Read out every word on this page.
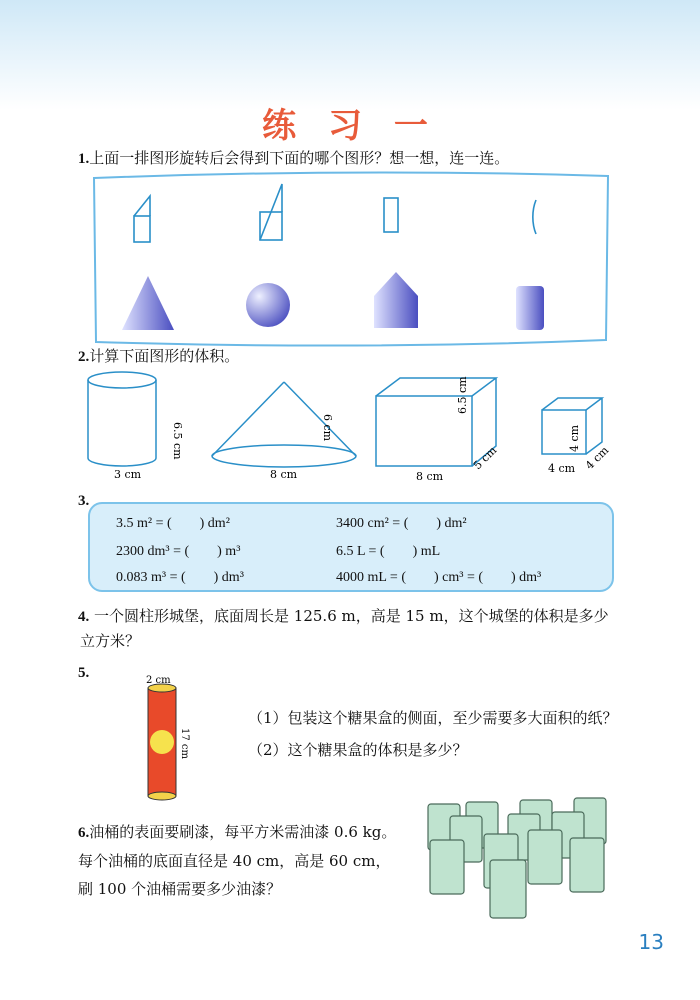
练 习 一
1.上面一排图形旋转后会得到下面的哪个图形？想一想，连一连。
2.计算下面图形的体积。
3 cm
6.5 cm
8 cm
6 cm
8 cm
5 cm
6.5 cm
4 cm 4 cm
4 cm
3.
3.5 m² = (　　) dm²
2300 dm³ = (　　) m³
0.083 m³ = (　　) dm³
3400 cm² = (　　) dm²
6.5 L = (　　) mL
4000 mL = (　　) cm³ = (　　) dm³
4. 一个圆柱形城堡，底面周长是 125.6 m，高是 15 m，这个城堡的体积是多少
立方米？
5.	2 cm
17 cm
（1）包装这个糖果盒的侧面，至少需要多大面积的纸？
（2）这个糖果盒的体积是多少？
6.油桶的表面要刷漆，每平方米需油漆 0.6 kg。
每个油桶的底面直径是 40 cm，高是 60 cm，
刷 100 个油桶需要多少油漆？
13
